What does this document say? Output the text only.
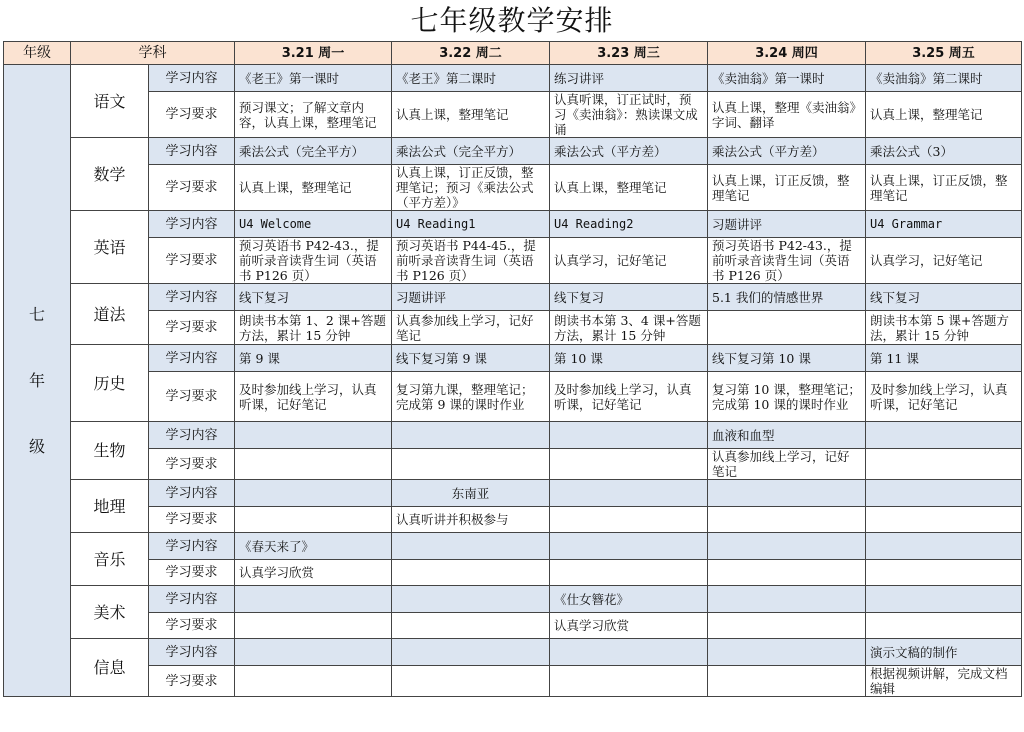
七年级教学安排
年级	学科		3.21 周一	3.22 周二	3.23 周三	3.24 周四	3.25 周五

七
年
级	语文	学习内容	《老王》第一课时	《老王》第二课时	练习讲评	《卖油翁》第一课时	《卖油翁》第二课时
		学习要求	预习课文；了解文章内容，认真上课，整理笔记	认真上课，整理笔记	认真听课，订正试时，预习《卖油翁》：熟读课文成诵	认真上课，整理《卖油翁》字词、翻译	认真上课，整理笔记
	数学	学习内容	乘法公式（完全平方）	乘法公式（完全平方）	乘法公式（平方差）	乘法公式（平方差）	乘法公式（3）
		学习要求	认真上课，整理笔记	认真上课，订正反馈，整理笔记；预习《乘法公式（平方差）》	认真上课，整理笔记	认真上课，订正反馈，整理笔记	认真上课，订正反馈，整理笔记
	英语	学习内容	U4 Welcome	U4 Reading1	U4 Reading2	习题讲评	U4 Grammar
		学习要求	预习英语书 P42-43.，提前听录音读背生词（英语书 P126 页）	预习英语书 P44-45.，提前听录音读背生词（英语书 P126 页）	认真学习，记好笔记	预习英语书 P42-43.，提前听录音读背生词（英语书 P126 页）	认真学习，记好笔记
	道法	学习内容	线下复习	习题讲评	线下复习	5.1 我们的情感世界	线下复习
		学习要求	朗读书本第 1、2 课+答题方法，累计 15 分钟	认真参加线上学习，记好笔记	朗读书本第 3、4 课+答题方法，累计 15 分钟		朗读书本第 5 课+答题方法，累计 15 分钟
	历史	学习内容	第 9 课	线下复习第 9 课	第 10 课	线下复习第 10 课	第 11 课
		学习要求	及时参加线上学习，认真听课，记好笔记	复习第九课，整理笔记；完成第 9 课的课时作业	及时参加线上学习，认真听课，记好笔记	复习第 10 课，整理笔记；完成第 10 课的课时作业	及时参加线上学习，认真听课，记好笔记
	生物	学习内容				血液和血型	
		学习要求				认真参加线上学习，记好笔记	
	地理	学习内容		东南亚			
		学习要求		认真听讲并积极参与			
	音乐	学习内容	《春天来了》				
		学习要求	认真学习欣赏				
	美术	学习内容			《仕女簪花》		
		学习要求			认真学习欣赏		
	信息	学习内容					演示文稿的制作
		学习要求					根据视频讲解，完成文档编辑
